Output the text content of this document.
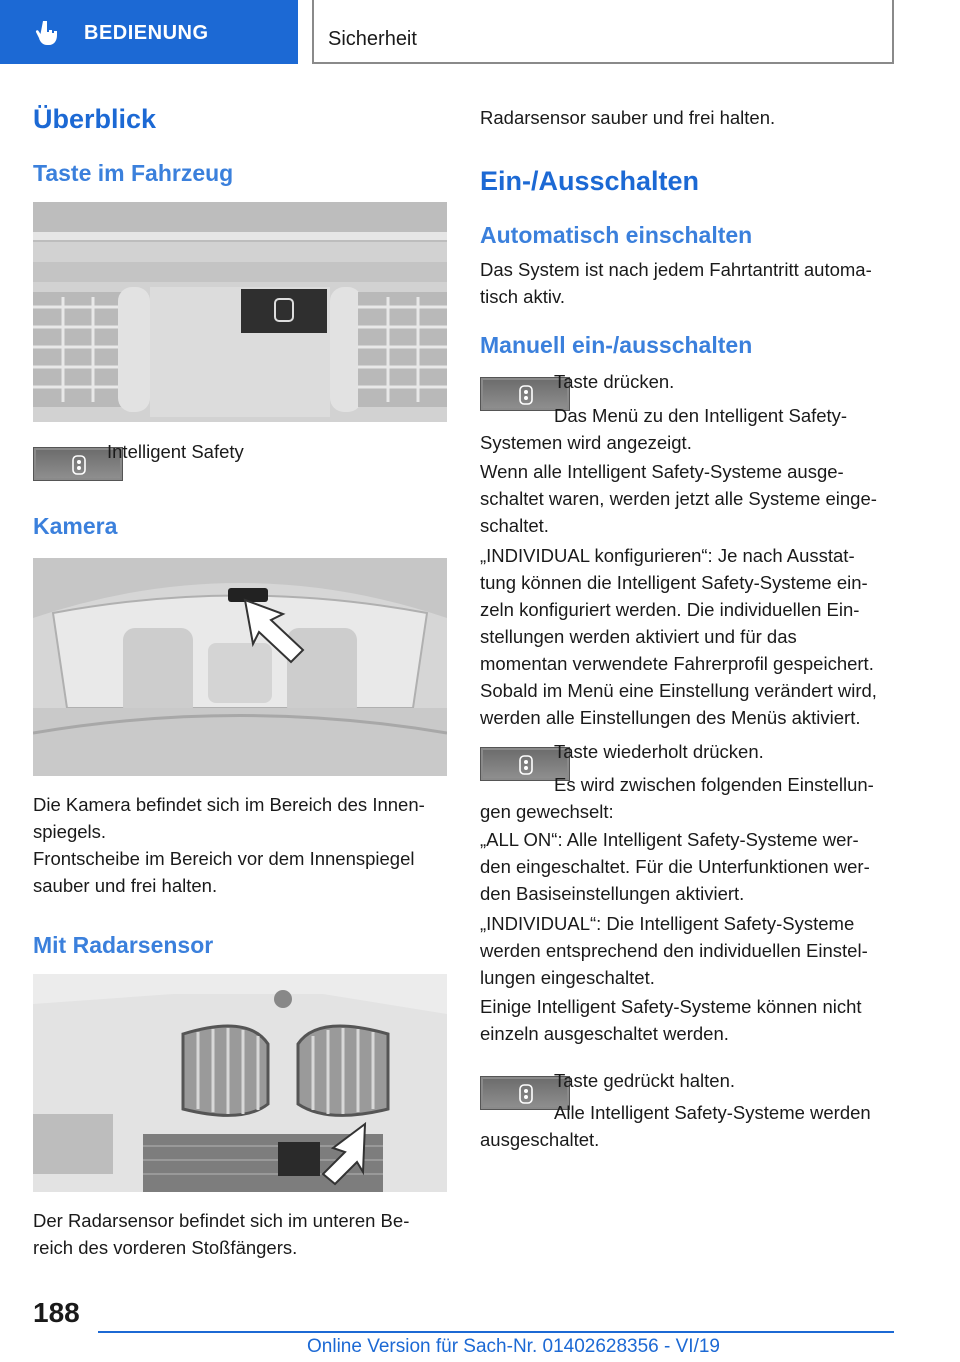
BEDIENUNG	Sicherheit
Überblick
Taste im Fahrzeug
Intelligent Safety
Kamera
Die Kamera befindet sich im Bereich des Innen‐
spiegels.
Frontscheibe im Bereich vor dem Innenspiegel
sauber und frei halten.
Mit Radarsensor
Der Radarsensor befindet sich im unteren Be‐
reich des vorderen Stoßfängers.
Radarsensor sauber und frei halten.
Ein-/Ausschalten
Automatisch einschalten
Das System ist nach jedem Fahrtantritt automa‐
tisch aktiv.
Manuell ein-/ausschalten
Taste drücken.
Das Menü zu den Intelligent Safety-
Systemen wird angezeigt.
Wenn alle Intelligent Safety-Systeme ausge‐
schaltet waren, werden jetzt alle Systeme einge‐
schaltet.
„INDIVIDUAL konfigurieren“: Je nach Ausstat‐
tung können die Intelligent Safety-Systeme ein‐
zeln konfiguriert werden. Die individuellen Ein‐
stellungen werden aktiviert und für das
momentan verwendete Fahrerprofil gespeichert.
Sobald im Menü eine Einstellung verändert wird,
werden alle Einstellungen des Menüs aktiviert.
Taste wiederholt drücken.
Es wird zwischen folgenden Einstellun‐
gen gewechselt:
„ALL ON“: Alle Intelligent Safety-Systeme wer‐
den eingeschaltet. Für die Unterfunktionen wer‐
den Basiseinstellungen aktiviert.
„INDIVIDUAL“: Die Intelligent Safety-Systeme
werden entsprechend den individuellen Einstel‐
lungen eingeschaltet.
Einige Intelligent Safety-Systeme können nicht
einzeln ausgeschaltet werden.
Taste gedrückt halten.
Alle Intelligent Safety-Systeme werden
ausgeschaltet.
188
Online Version für Sach-Nr. 01402628356 - VI/19
